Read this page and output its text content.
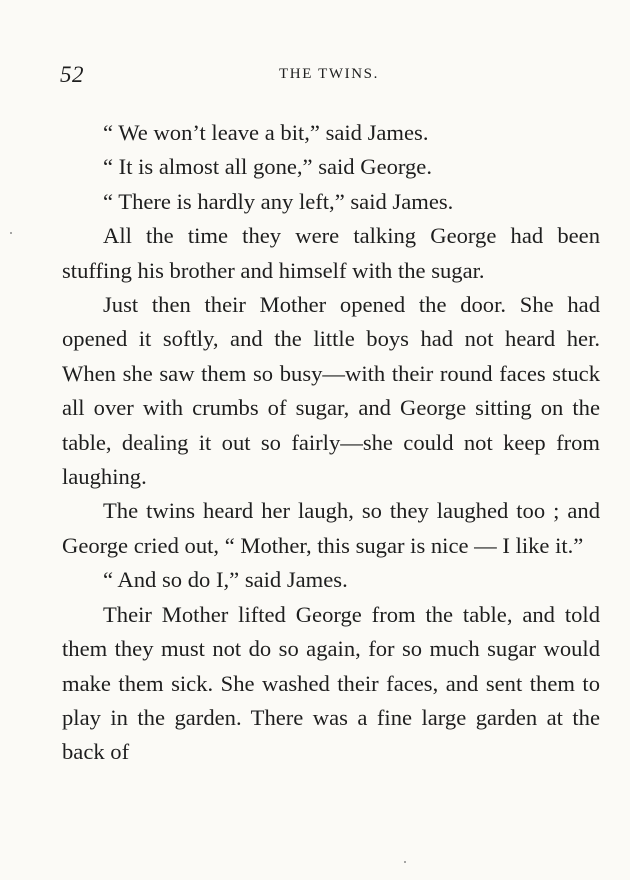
52	THE TWINS.

“ We won’t leave a bit,” said James.

“ It is almost all gone,” said George.

“ There is hardly any left,” said James.

All the time they were talking George had been stuffing his brother and himself with the sugar.

Just then their Mother opened the door. She had opened it softly, and the little boys had not heard her. When she saw them so busy—with their round faces stuck all over with crumbs of sugar, and George sitting on the table, dealing it out so fairly—she could not keep from laughing.

The twins heard her laugh, so they laughed too ; and George cried out, “ Mother, this sugar is nice — I like it.”

“ And so do I,” said James.

Their Mother lifted George from the table, and told them they must not do so again, for so much sugar would make them sick. She washed their faces, and sent them to play in the garden. There was a fine large garden at the back of
